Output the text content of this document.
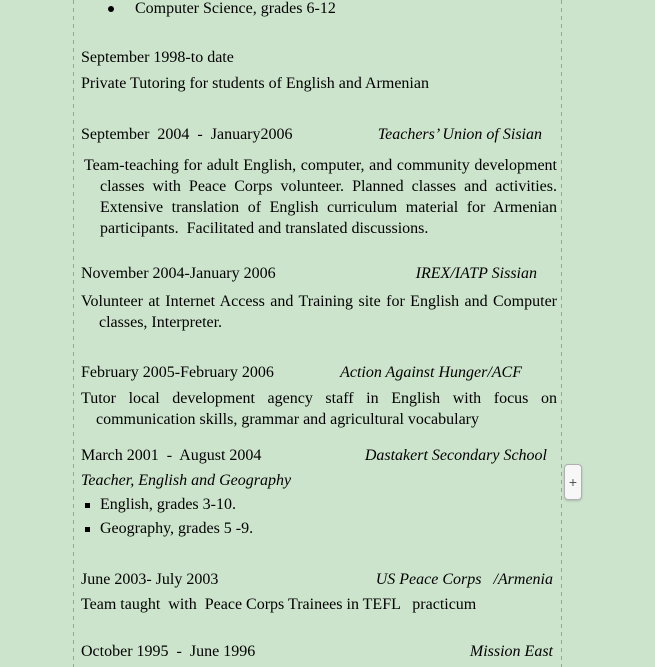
Computer Science, grades 6-12
September 1998-to date
Private Tutoring for students of English and Armenian
September  2004  -  January2006	Teachers’ Union of Sisian
Team-teaching for adult English, computer, and community development
classes with Peace Corps volunteer. Planned classes and activities.
Extensive translation of English curriculum material for Armenian
participants.  Facilitated and translated discussions.
November 2004-January 2006	IREX/IATP Sissian
Volunteer at Internet Access and Training site for English and Computer
classes, Interpreter.
February 2005-February 2006	Action Against Hunger/ACF
Tutor local development agency staff in English with focus on
communication skills, grammar and agricultural vocabulary
March 2001  -  August 2004	Dastakert Secondary School
Teacher, English and Geography
English, grades 3-10.
Geography, grades 5 -9.
June 2003- July 2003	US Peace Corps   /Armenia
Team taught  with  Peace Corps Trainees in TEFL   practicum
October 1995  -  June 1996	Mission East
+
